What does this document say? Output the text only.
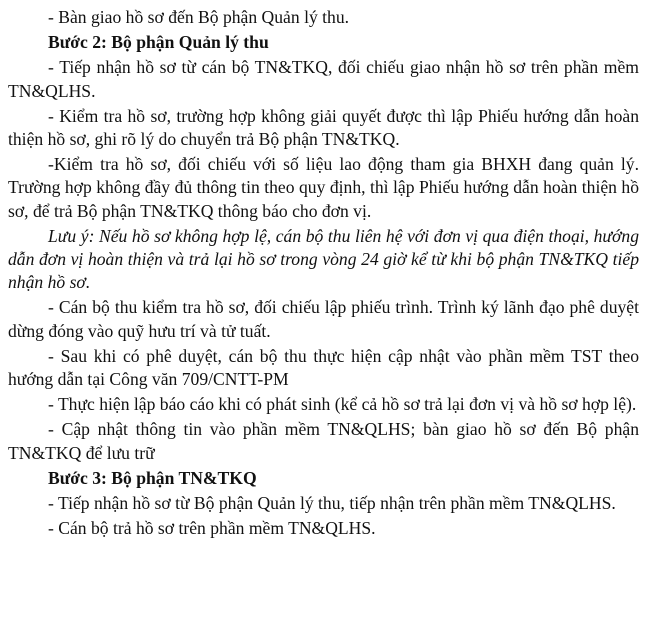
- Bàn giao hồ sơ đến Bộ phận Quản lý thu.

Bước 2: Bộ phận Quản lý thu

- Tiếp nhận hồ sơ từ cán bộ TN&TKQ, đối chiếu giao nhận hồ sơ trên phần mềm TN&QLHS.

- Kiểm tra hồ sơ, trường hợp không giải quyết được thì lập Phiếu hướng dẫn hoàn thiện hồ sơ, ghi rõ lý do chuyển trả Bộ phận TN&TKQ.

-Kiểm tra hồ sơ, đối chiếu với số liệu lao động tham gia BHXH đang quản lý. Trường hợp không đầy đủ thông tin theo quy định, thì lập Phiếu hướng dẫn hoàn thiện hồ sơ, để trả Bộ phận TN&TKQ thông báo cho đơn vị.

Lưu ý: Nếu hồ sơ không hợp lệ, cán bộ thu liên hệ với đơn vị qua điện thoại, hướng dẫn đơn vị hoàn thiện và trả lại hồ sơ trong vòng 24 giờ kể từ khi bộ phận TN&TKQ tiếp nhận hồ sơ.

- Cán bộ thu kiểm tra hồ sơ, đối chiếu lập phiếu trình. Trình ký lãnh đạo phê duyệt dừng đóng vào quỹ hưu trí và tử tuất.

- Sau khi có phê duyệt, cán bộ thu thực hiện cập nhật vào phần mềm TST theo hướng dẫn tại Công văn 709/CNTT-PM

- Thực hiện lập báo cáo khi có phát sinh (kể cả hồ sơ trả lại đơn vị và hồ sơ hợp lệ).

- Cập nhật thông tin vào phần mềm TN&QLHS; bàn giao hồ sơ đến Bộ phận TN&TKQ để lưu trữ

Bước 3: Bộ phận TN&TKQ

- Tiếp nhận hồ sơ từ Bộ phận Quản lý thu, tiếp nhận trên phần mềm TN&QLHS.

- Cán bộ trả hồ sơ trên phần mềm TN&QLHS.
